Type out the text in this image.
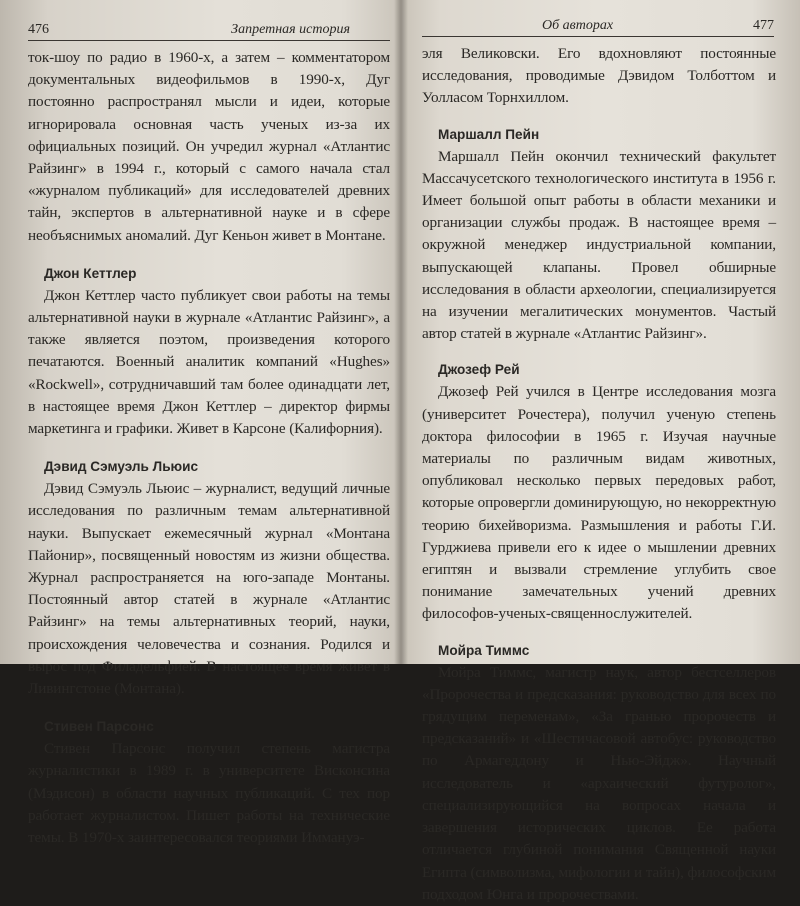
476	Запретная история

ток-шоу по радио в 1960-х, а затем – комментатором документальных видеофильмов в 1990-х, Дуг постоянно распространял мысли и идеи, которые игнорировала основная часть ученых из-за их официальных позиций. Он учредил журнал «Атлантис Райзинг» в 1994 г., который с самого начала стал «журналом публикаций» для исследователей древних тайн, экспертов в альтернативной науке и в сфере необъяснимых аномалий. Дуг Кеньон живет в Монтане.

Джон Кеттлер

Джон Кеттлер часто публикует свои работы на темы альтернативной науки в журнале «Атлантис Райзинг», а также является поэтом, произведения которого печатаются. Военный аналитик компаний «Hughes» «Rockwell», сотрудничавший там более одинадцати лет, в настоящее время Джон Кеттлер – директор фирмы маркетинга и графики. Живет в Карсоне (Калифорния).

Дэвид Сэмуэль Льюис

Дэвид Сэмуэль Льюис – журналист, ведущий личные исследования по различным темам альтернативной науки. Выпускает ежемесячный журнал «Монтана Пайонир», посвященный новостям из жизни общества. Журнал распространяется на юго-западе Монтаны. Постоянный автор статей в журнале «Атлантис Райзинг» на темы альтернативных теорий, науки, происхождения человечества и сознания. Родился и вырос под Филадельфией. В настоящее время живет в Ливингстоне (Монтана).

Стивен Парсонс

Стивен Парсонс получил степень магистра журналистики в 1989 г. в университете Висконсина (Мэдисон) в области научных публикаций. С тех пор работает журналистом. Пишет работы на технические темы. В 1970-х заинтересовался теориями Иммануэ-

Об авторах	477

эля Великовски. Его вдохновляют постоянные исследования, проводимые Дэвидом Толботтом и Уолласом Торнхиллом.

Маршалл Пейн

Маршалл Пейн окончил технический факультет Массачусетского технологического института в 1956 г. Имеет большой опыт работы в области механики и организации службы продаж. В настоящее время – окружной менеджер индустриальной компании, выпускающей клапаны. Провел обширные исследования в области археологии, специализируется на изучении мегалитических монументов. Частый автор статей в журнале «Атлантис Райзинг».

Джозеф Рей

Джозеф Рей учился в Центре исследования мозга (университет Рочестера), получил ученую степень доктора философии в 1965 г. Изучая научные материалы по различным видам животных, опубликовал несколько первых передовых работ, которые опровергли доминирующую, но некорректную теорию бихейворизма. Размышления и работы Г.И. Гурджиева привели его к идее о мышлении древних египтян и вызвали стремление углубить свое понимание замечательных учений древних философов-ученых-священнослужителей.

Мойра Тиммс

Мойра Тиммс, магистр наук, автор бестселлеров «Пророчества и предсказания: руководство для всех по грядущим переменам», «За гранью пророчеств и предсказаний» и «Шестичасовой автобус: руководство по Армагеддону и Нью-Эйдж». Научный исследователь и «архаический футуролог», специализирующийся на вопросах начала и завершения исторических циклов. Ее работа отличается глубиной понимания Священной науки Египта (символизма, мифологии и тайн), философским подходом Юнга и пророчествами.
